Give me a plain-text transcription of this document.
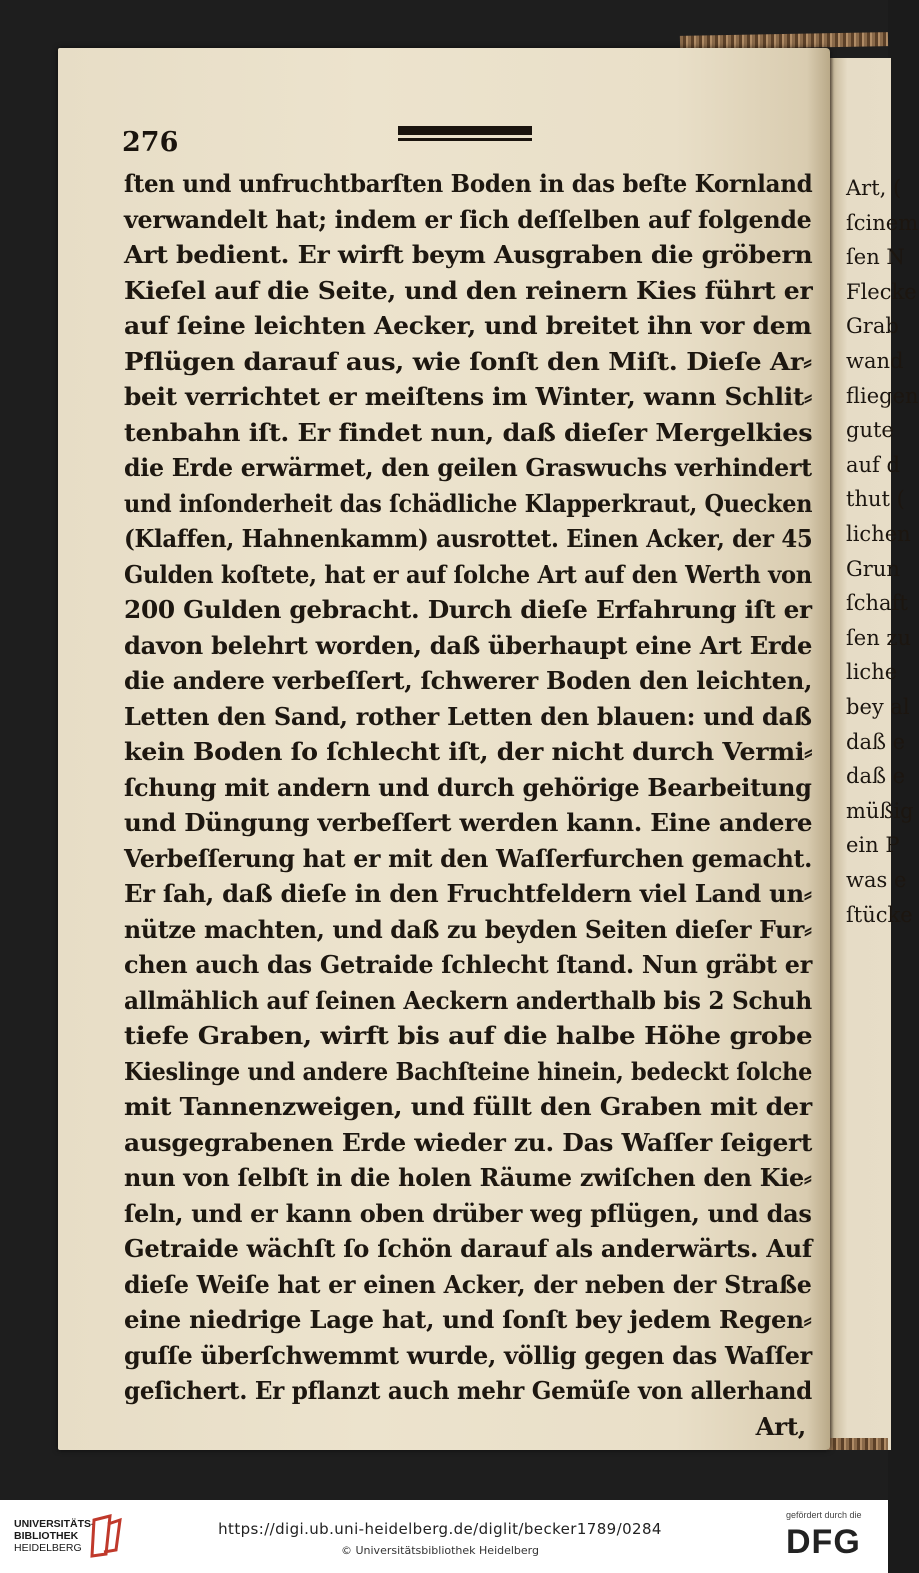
276
ſten und unfruchtbarſten Boden in das beſte Kornland
verwandelt hat; indem er ſich deſſelben auf folgende
Art bedient. Er wirft beym Ausgraben die gröbern
Kieſel auf die Seite, und den reinern Kies führt er
auf ſeine leichten Aecker, und breitet ihn vor dem
Pflügen darauf aus, wie ſonſt den Miſt. Dieſe Ar⸗
beit verrichtet er meiſtens im Winter, wann Schlit⸗
tenbahn iſt. Er findet nun, daß dieſer Mergelkies
die Erde erwärmet, den geilen Graswuchs verhindert
und inſonderheit das ſchädliche Klapperkraut, Quecken
(Klaffen, Hahnenkamm) ausrottet. Einen Acker, der 45
Gulden koſtete, hat er auf ſolche Art auf den Werth von
200 Gulden gebracht. Durch dieſe Erfahrung iſt er
davon belehrt worden, daß überhaupt eine Art Erde
die andere verbeſſert, ſchwerer Boden den leichten,
Letten den Sand, rother Letten den blauen: und daß
kein Boden ſo ſchlecht iſt, der nicht durch Vermi⸗
ſchung mit andern und durch gehörige Bearbeitung
und Düngung verbeſſert werden kann. Eine andere
Verbeſſerung hat er mit den Waſſerfurchen gemacht.
Er ſah, daß dieſe in den Fruchtfeldern viel Land un⸗
nütze machten, und daß zu beyden Seiten dieſer Fur⸗
chen auch das Getraide ſchlecht ſtand. Nun gräbt er
allmählich auf ſeinen Aeckern anderthalb bis 2 Schuh
tiefe Graben, wirft bis auf die halbe Höhe grobe
Kieslinge und andere Bachſteine hinein, bedeckt ſolche
mit Tannenzweigen, und füllt den Graben mit der
ausgegrabenen Erde wieder zu. Das Waſſer ſeigert
nun von ſelbſt in die holen Räume zwiſchen den Kie⸗
ſeln, und er kann oben drüber weg pflügen, und das
Getraide wächſt ſo ſchön darauf als anderwärts. Auf
dieſe Weiſe hat er einen Acker, der neben der Straße
eine niedrige Lage hat, und ſonſt bey jedem Regen⸗
guſſe überſchwemmt wurde, völlig gegen das Waſſer
geſichert. Er pflanzt auch mehr Gemüſe von allerhand
Art,
Art, (
ſcinem
ſen N
Flecke
Grab
wand
fliegen
gute
auf d
thut (
lichen
Grun
ſchaft
ſen zu
liche
bey al
daß e
daß e
müßig
ein P
was e
ſtücke
UNIVERSITÄTS-
BIBLIOTHEK
HEIDELBERG
https://digi.ub.uni-heidelberg.de/diglit/becker1789/0284
© Universitätsbibliothek Heidelberg
gefördert durch die
DFG
